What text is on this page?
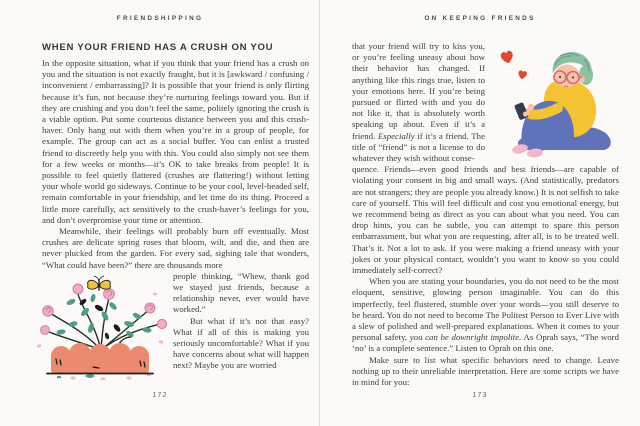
FRIENDSHIPPING
WHEN YOUR FRIEND HAS A CRUSH ON YOU

In the opposite situation, what if you think that your friend has a crush on you and the situation is not exactly fraught, but it is [awkward / confusing / inconvenient / embarrassing]? It is possible that your friend is only flirting because it’s fun, not because they’re nurturing feelings toward you. But if they are crushing and you don’t feel the same, politely ignoring the crush is a viable option. Put some courteous distance between you and this crush-haver. Only hang out with them when you’re in a group of people, for example. The group can act as a social buffer. You can enlist a trusted friend to discreetly help you with this. You could also simply not see them for a few weeks or months—it’s OK to take breaks from people! It is possible to feel quietly flattered (crushes are flattering!) without letting your whole world go sideways. Continue to be your cool, level-headed self, remain comfortable in your friendship, and let time do its thing. Proceed a little more carefully, act sensitively to the crush-haver’s feelings for you, and don’t overpromise your time or attention.

Meanwhile, their feelings will probably burn off eventually. Most crushes are delicate spring roses that bloom, wilt, and die, and then are never plucked from the garden. For every sad, sighing tale that wonders, “What could have been?” there are thousands more

people thinking, “Whew, thank god we stayed just friends, because a relationship never, ever would have worked.”

But what if it’s not that easy? What if all of this is making you seriously uncomfortable? What if you have concerns about what will happen next? Maybe you are worried

172
ON KEEPING FRIENDS

that your friend will try to kiss you, or you’re feeling uneasy about how their behavior has changed. If anything like this rings true, listen to your emotions here. If you’re being pursued or flirted with and you do not like it, that is absolutely worth speaking up about. Even if it’s a friend. Especially if it’s a friend. The title of “friend” is not a license to do whatever they wish without conse-

quence. Friends—even good friends and best friends—are capable of violating your consent in big and small ways. (And statistically, predators are not strangers; they are people you already know.) It is not selfish to take care of yourself. This will feel difficult and cost you emotional energy, but we recommend being as direct as you can about what you need. You can drop hints, you can be subtle, you can attempt to spare this person embarrassment, but what you are requesting, after all, is to be treated well. That’s it. Not a lot to ask. If you were making a friend uneasy with your jokes or your physical contact, wouldn’t you want to know so you could immediately self-correct?

When you are stating your boundaries, you do not need to be the most eloquent, sensitive, glowing person imaginable. You can do this imperfectly, feel flustered, stumble over your words—you still deserve to be heard. You do not need to become The Politest Person to Ever Live with a slew of polished and well-prepared explanations. When it comes to your personal safety, you can be downright impolite. As Oprah says, “The word ‘no’ is a complete sentence.” Listen to Oprah on this one.

Make sure to list what specific behaviors need to change. Leave nothing up to their unreliable interpretation. Here are some scripts we have in mind for you:

173
